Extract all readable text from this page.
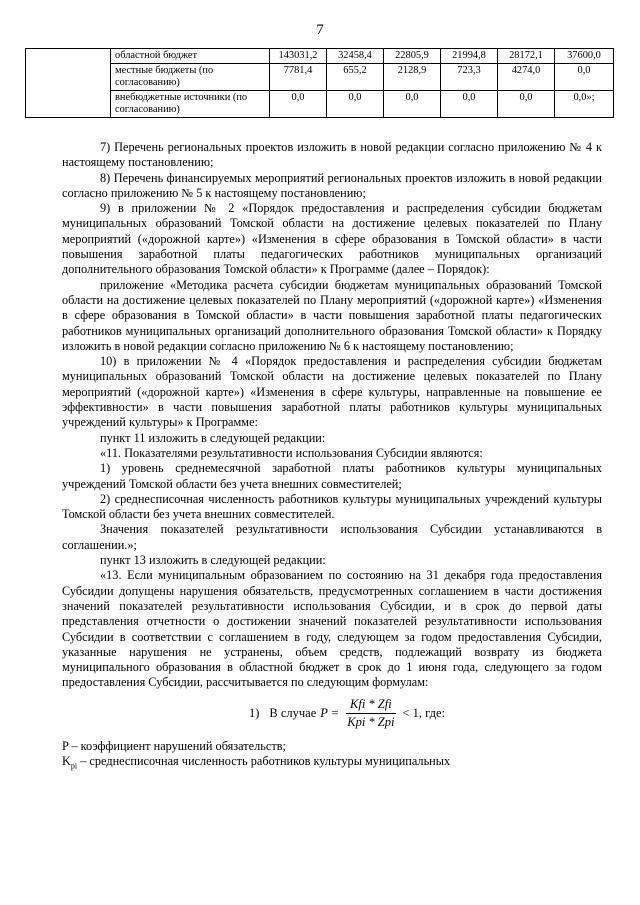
7
	областной бюджет	143031,2	32458,4	22805,9	21994,8	28172,1	37600,0
	местные бюджеты (по согласованию)	7781,4	655,2	2128,9	723,3	4274,0	0,0
	внебюджетные источники (по согласованию)	0,0	0,0	0,0	0,0	0,0	0,0»;

7) Перечень региональных проектов изложить в новой редакции согласно приложению № 4 к настоящему постановлению;

8) Перечень финансируемых мероприятий региональных проектов изложить в новой редакции согласно приложению № 5 к настоящему постановлению;

9) в приложении № 2 «Порядок предоставления и распределения субсидии бюджетам муниципальных образований Томской области на достижение целевых показателей по Плану мероприятий («дорожной карте») «Изменения в сфере образования в Томской области» в части повышения заработной платы педагогических работников муниципальных организаций дополнительного образования Томской области» к Программе (далее – Порядок):

приложение «Методика расчета субсидии бюджетам муниципальных образований Томской области на достижение целевых показателей по Плану мероприятий («дорожной карте») «Изменения в сфере образования в Томской области» в части повышения заработной платы педагогических работников муниципальных организаций дополнительного образования Томской области» к Порядку изложить в новой редакции согласно приложению № 6 к настоящему постановлению;

10) в приложении № 4 «Порядок предоставления и распределения субсидии бюджетам муниципальных образований Томской области на достижение целевых показателей по Плану мероприятий («дорожной карте») «Изменения в сфере культуры, направленные на повышение ее эффективности» в части повышения заработной платы работников культуры муниципальных учреждений культуры» к Программе:

пункт 11 изложить в следующей редакции:

«11. Показателями результативности использования Субсидии являются:

1) уровень среднемесячной заработной платы работников культуры муниципальных учреждений Томской области без учета внешних совместителей;

2) среднесписочная численность работников культуры муниципальных учреждений культуры Томской области без учета внешних совместителей.

Значения показателей результативности использования Субсидии устанавливаются в соглашении.»;

пункт 13 изложить в следующей редакции:

«13. Если муниципальным образованием по состоянию на 31 декабря года предоставления Субсидии допущены нарушения обязательств, предусмотренных соглашением в части достижения значений показателей результативности использования Субсидии, и в срок до первой даты представления отчетности о достижении значений показателей результативности использования Субсидии в соответствии с соглашением в году, следующем за годом предоставления Субсидии, указанные нарушения не устранены, объем средств, подлежащий возврату из бюджета муниципального образования в областной бюджет в срок до 1 июня года, следующего за годом предоставления Субсидии, рассчитывается по следующим формулам:

1) В случае $P = \frac{\text{Kfi * Zfi}}{\text{Kpi * Zpi}} < 1$, где:

P – коэффициент нарушений обязательств;

$K_{pi}$ – среднесписочная численность работников культуры муниципальных
